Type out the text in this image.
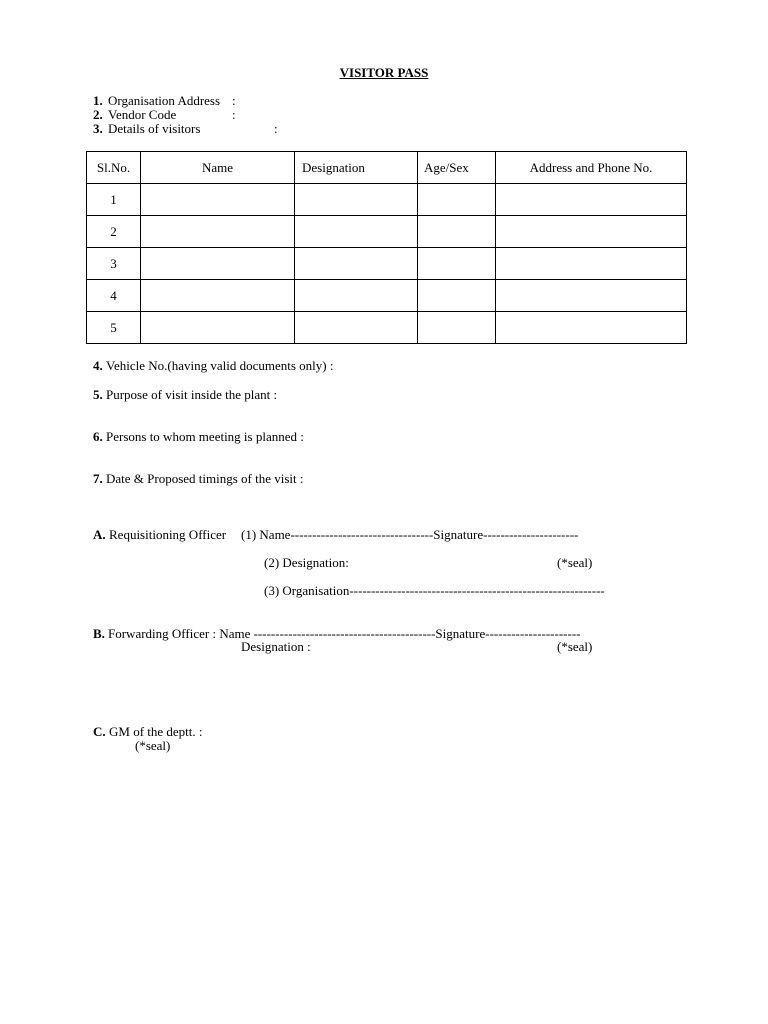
VISITOR PASS
1. Organisation Address :
2. Vendor Code	:
3. Details of visitors	:
Sl.No.	Name	Designation	Age/Sex	Address and Phone No.
1				
2				
3				
4				
5				
4. Vehicle No.(having valid documents only) :
5. Purpose of visit inside the plant :
6. Persons to whom meeting is planned :
7. Date & Proposed timings of the visit :
A. Requisitioning Officer (1) Name---------------------------------Signature----------------------
(2) Designation:	(*seal)
(3) Organisation-----------------------------------------------------------
B. Forwarding Officer : Name ------------------------------------------Signature----------------------
Designation :	(*seal)
C. GM of the deptt. :
(*seal)
